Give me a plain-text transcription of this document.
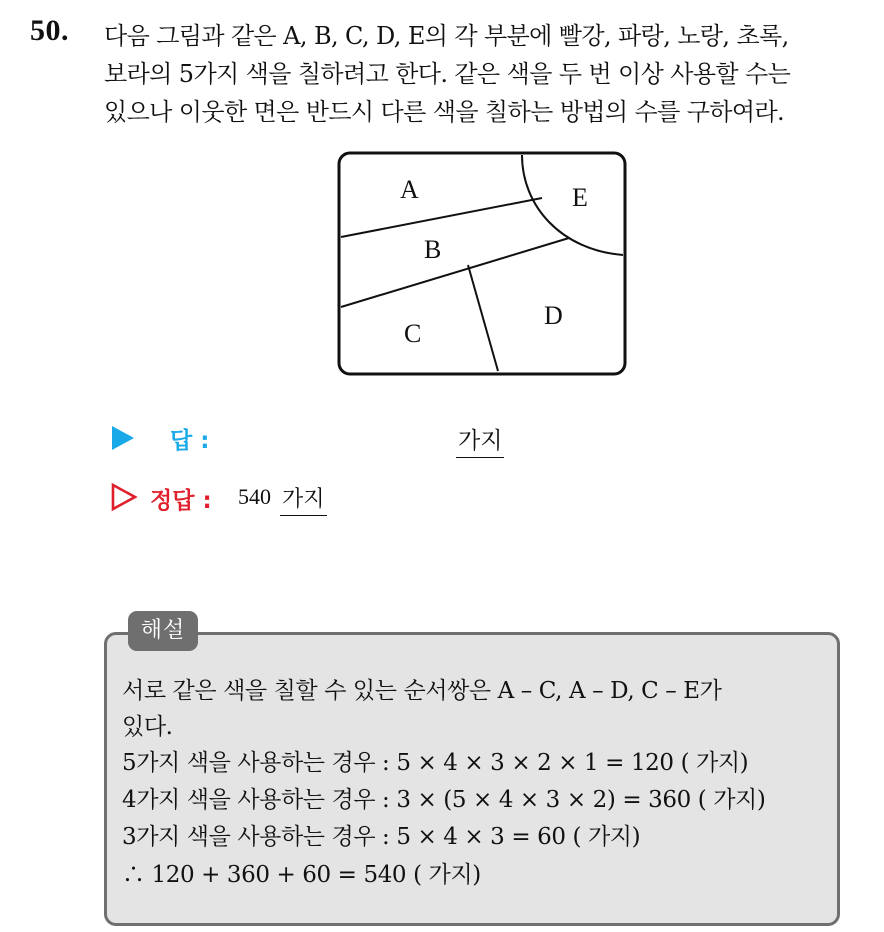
50. 다음 그림과 같은 A, B, C, D, E의 각 부분에 빨강, 파랑, 노랑, 초록,
보라의 5가지 색을 칠하려고 한다. 같은 색을 두 번 이상 사용할 수는
있으나 이웃한 면은 반드시 다른 색을 칠하는 방법의 수를 구하여라.
A
B
C
D
E
답 :	가지
정답 : 540 가지
해설
서로 같은 색을 칠할 수 있는 순서쌍은 A – C, A – D, C – E가
있다.
5가지 색을 사용하는 경우 : 5 × 4 × 3 × 2 × 1 = 120 ( 가지)
4가지 색을 사용하는 경우 : 3 × (5 × 4 × 3 × 2) = 360 ( 가지)
3가지 색을 사용하는 경우 : 5 × 4 × 3 = 60 ( 가지)
∴ 120 + 360 + 60 = 540 ( 가지)
